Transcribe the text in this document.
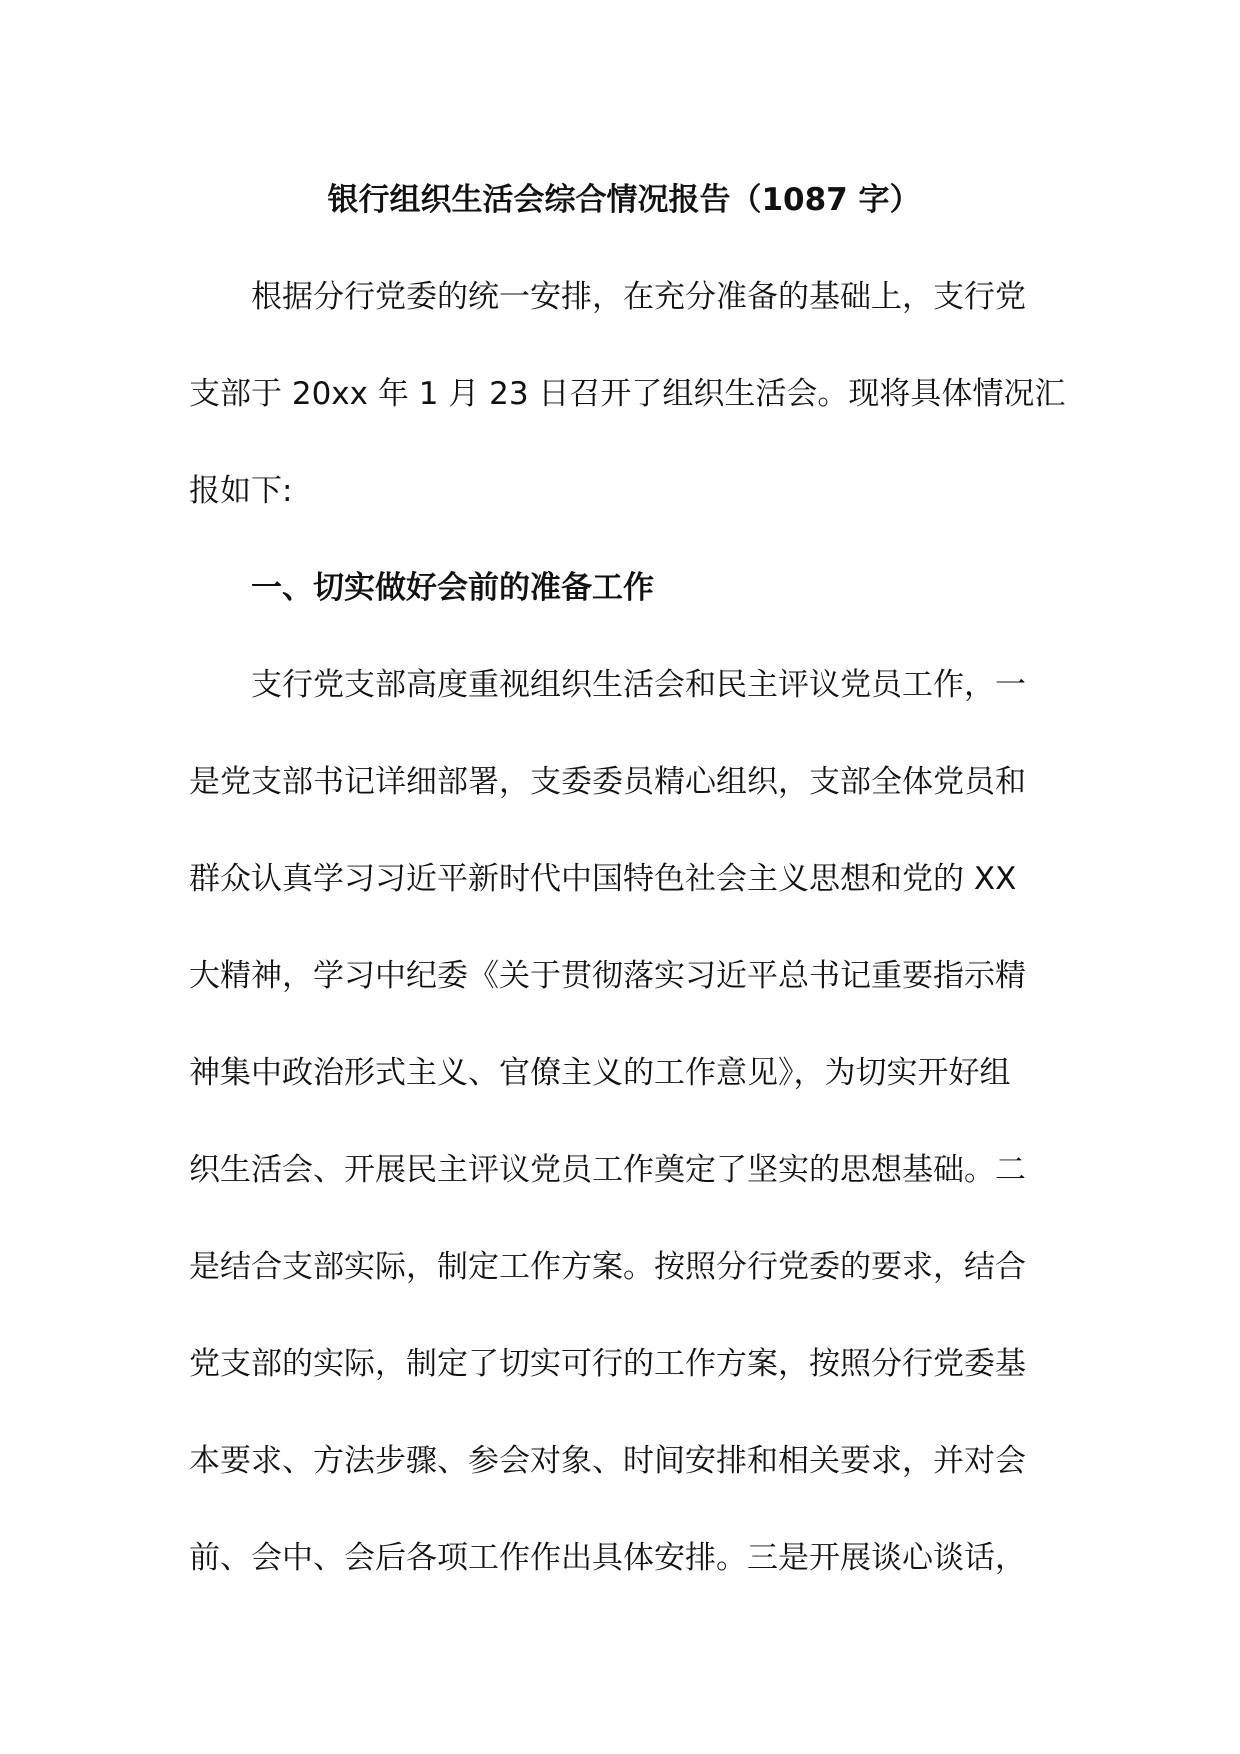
银行组织生活会综合情况报告（1087 字）
根据分行党委的统一安排，在充分准备的基础上，支行党
支部于 20xx 年 1 月 23 日召开了组织生活会。现将具体情况汇
报如下:
一、切实做好会前的准备工作
支行党支部高度重视组织生活会和民主评议党员工作，一
是党支部书记详细部署，支委委员精心组织，支部全体党员和
群众认真学习习近平新时代中国特色社会主义思想和党的 XX
大精神，学习中纪委《关于贯彻落实习近平总书记重要指示精
神集中政治形式主义、官僚主义的工作意见》，为切实开好组
织生活会、开展民主评议党员工作奠定了坚实的思想基础。二
是结合支部实际，制定工作方案。按照分行党委的要求，结合
党支部的实际，制定了切实可行的工作方案，按照分行党委基
本要求、方法步骤、参会对象、时间安排和相关要求，并对会
前、会中、会后各项工作作出具体安排。三是开展谈心谈话，
